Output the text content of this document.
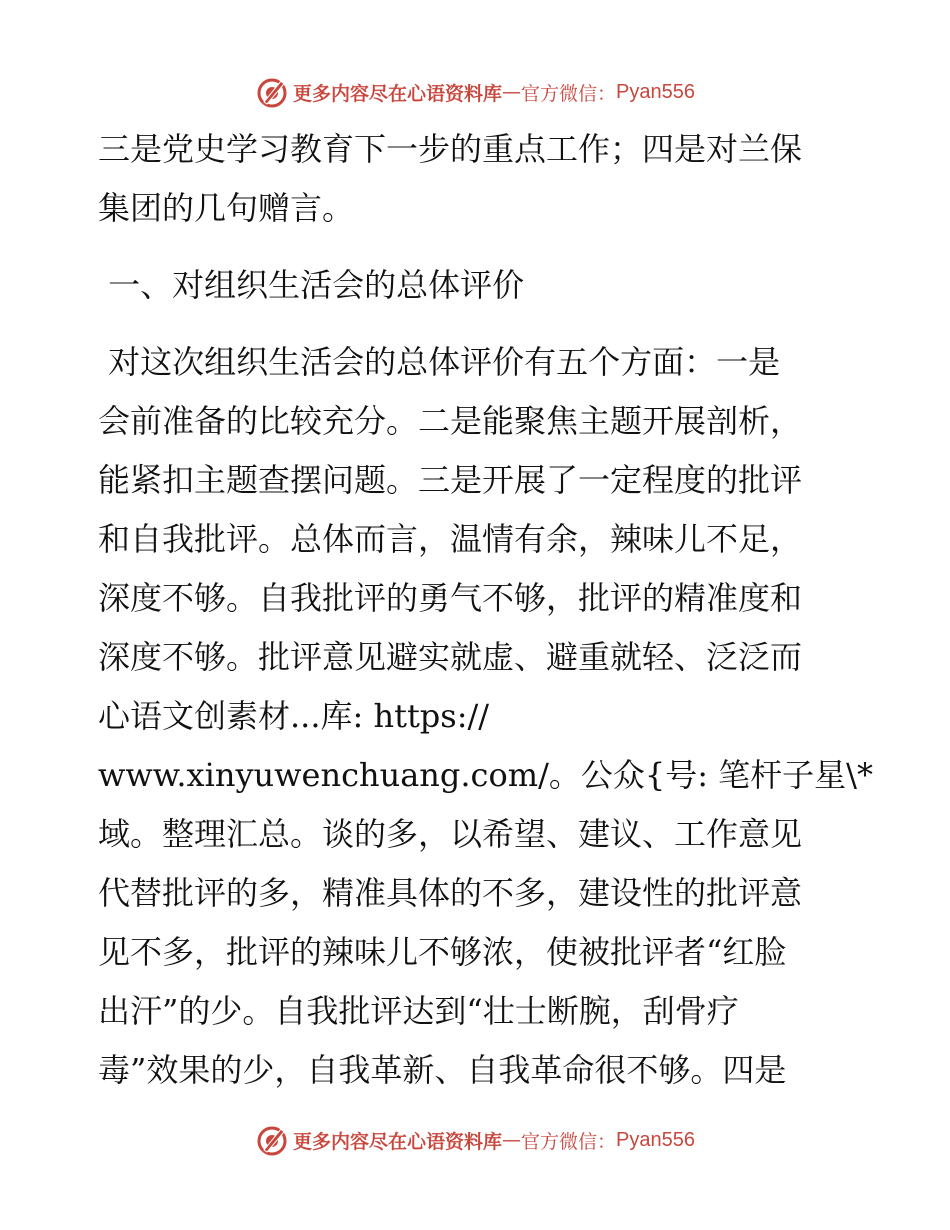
更多内容尽在心语资料库 — 官方微信： Pyan556
三是党史学习教育下一步的重点工作；四是对兰保
集团的几句赠言。
一、对组织生活会的总体评价
对这次组织生活会的总体评价有五个方面：一是
会前准备的比较充分。二是能聚焦主题开展剖析，
能紧扣主题查摆问题。三是开展了一定程度的批评
和自我批评。总体而言，温情有余，辣味儿不足，
深度不够。自我批评的勇气不够，批评的精准度和
深度不够。批评意见避实就虚、避重就轻、泛泛而
心语文创素材...库: https://
www.xinyuwenchuang.com/。公众{号: 笔杆子星\*
域。整理汇总。谈的多，以希望、建议、工作意见
代替批评的多，精准具体的不多，建设性的批评意
见不多，批评的辣味儿不够浓，使被批评者“红脸
出汗”的少。自我批评达到“壮士断腕，刮骨疗
毒”效果的少，自我革新、自我革命很不够。四是
更多内容尽在心语资料库 — 官方微信： Pyan556
